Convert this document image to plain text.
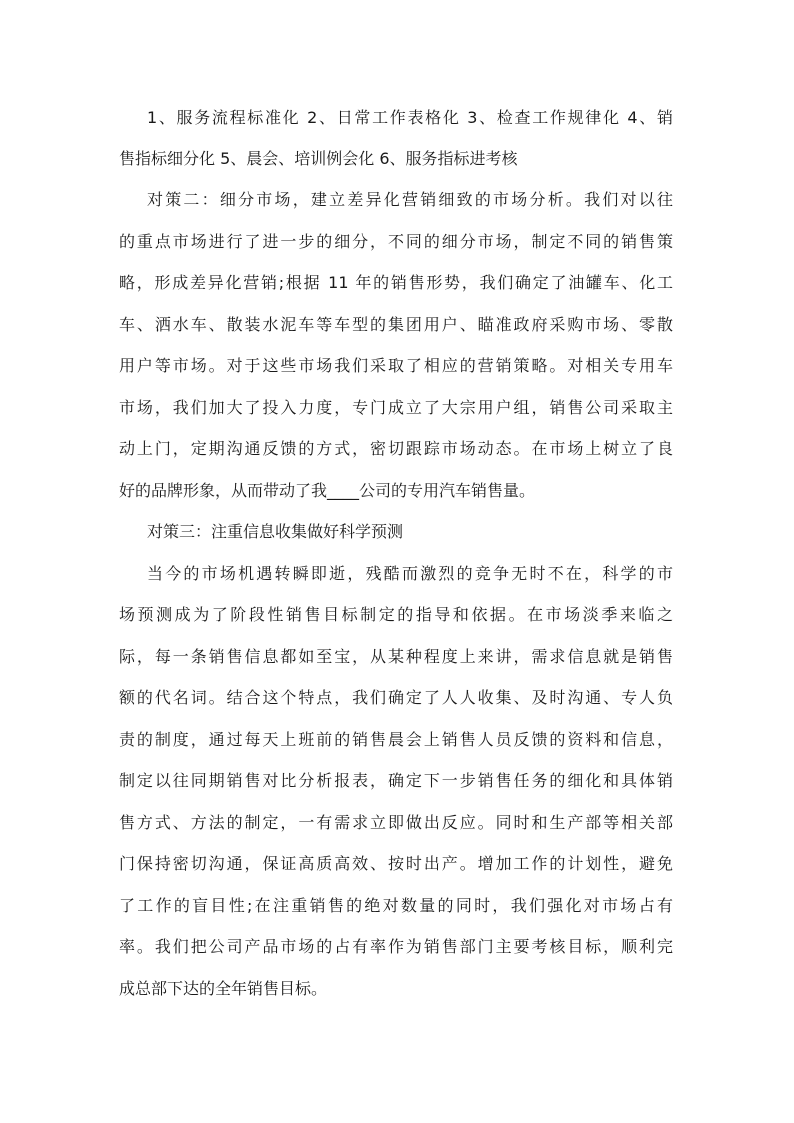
1、服务流程标准化 2、日常工作表格化 3、检查工作规律化 4、销
售指标细分化 5、晨会、培训例会化 6、服务指标进考核
对策二：细分市场，建立差异化营销细致的市场分析。我们对以往
的重点市场进行了进一步的细分，不同的细分市场，制定不同的销售策
略，形成差异化营销;根据 11 年的销售形势，我们确定了油罐车、化工
车、洒水车、散装水泥车等车型的集团用户、瞄准政府采购市场、零散
用户等市场。对于这些市场我们采取了相应的营销策略。对相关专用车
市场，我们加大了投入力度，专门成立了大宗用户组，销售公司采取主
动上门，定期沟通反馈的方式，密切跟踪市场动态。在市场上树立了良
好的品牌形象，从而带动了我____公司的专用汽车销售量。
对策三：注重信息收集做好科学预测
当今的市场机遇转瞬即逝，残酷而激烈的竞争无时不在，科学的市
场预测成为了阶段性销售目标制定的指导和依据。在市场淡季来临之
际，每一条销售信息都如至宝，从某种程度上来讲，需求信息就是销售
额的代名词。结合这个特点，我们确定了人人收集、及时沟通、专人负
责的制度，通过每天上班前的销售晨会上销售人员反馈的资料和信息，
制定以往同期销售对比分析报表，确定下一步销售任务的细化和具体销
售方式、方法的制定，一有需求立即做出反应。同时和生产部等相关部
门保持密切沟通，保证高质高效、按时出产。增加工作的计划性，避免
了工作的盲目性;在注重销售的绝对数量的同时，我们强化对市场占有
率。我们把公司产品市场的占有率作为销售部门主要考核目标，顺利完
成总部下达的全年销售目标。
